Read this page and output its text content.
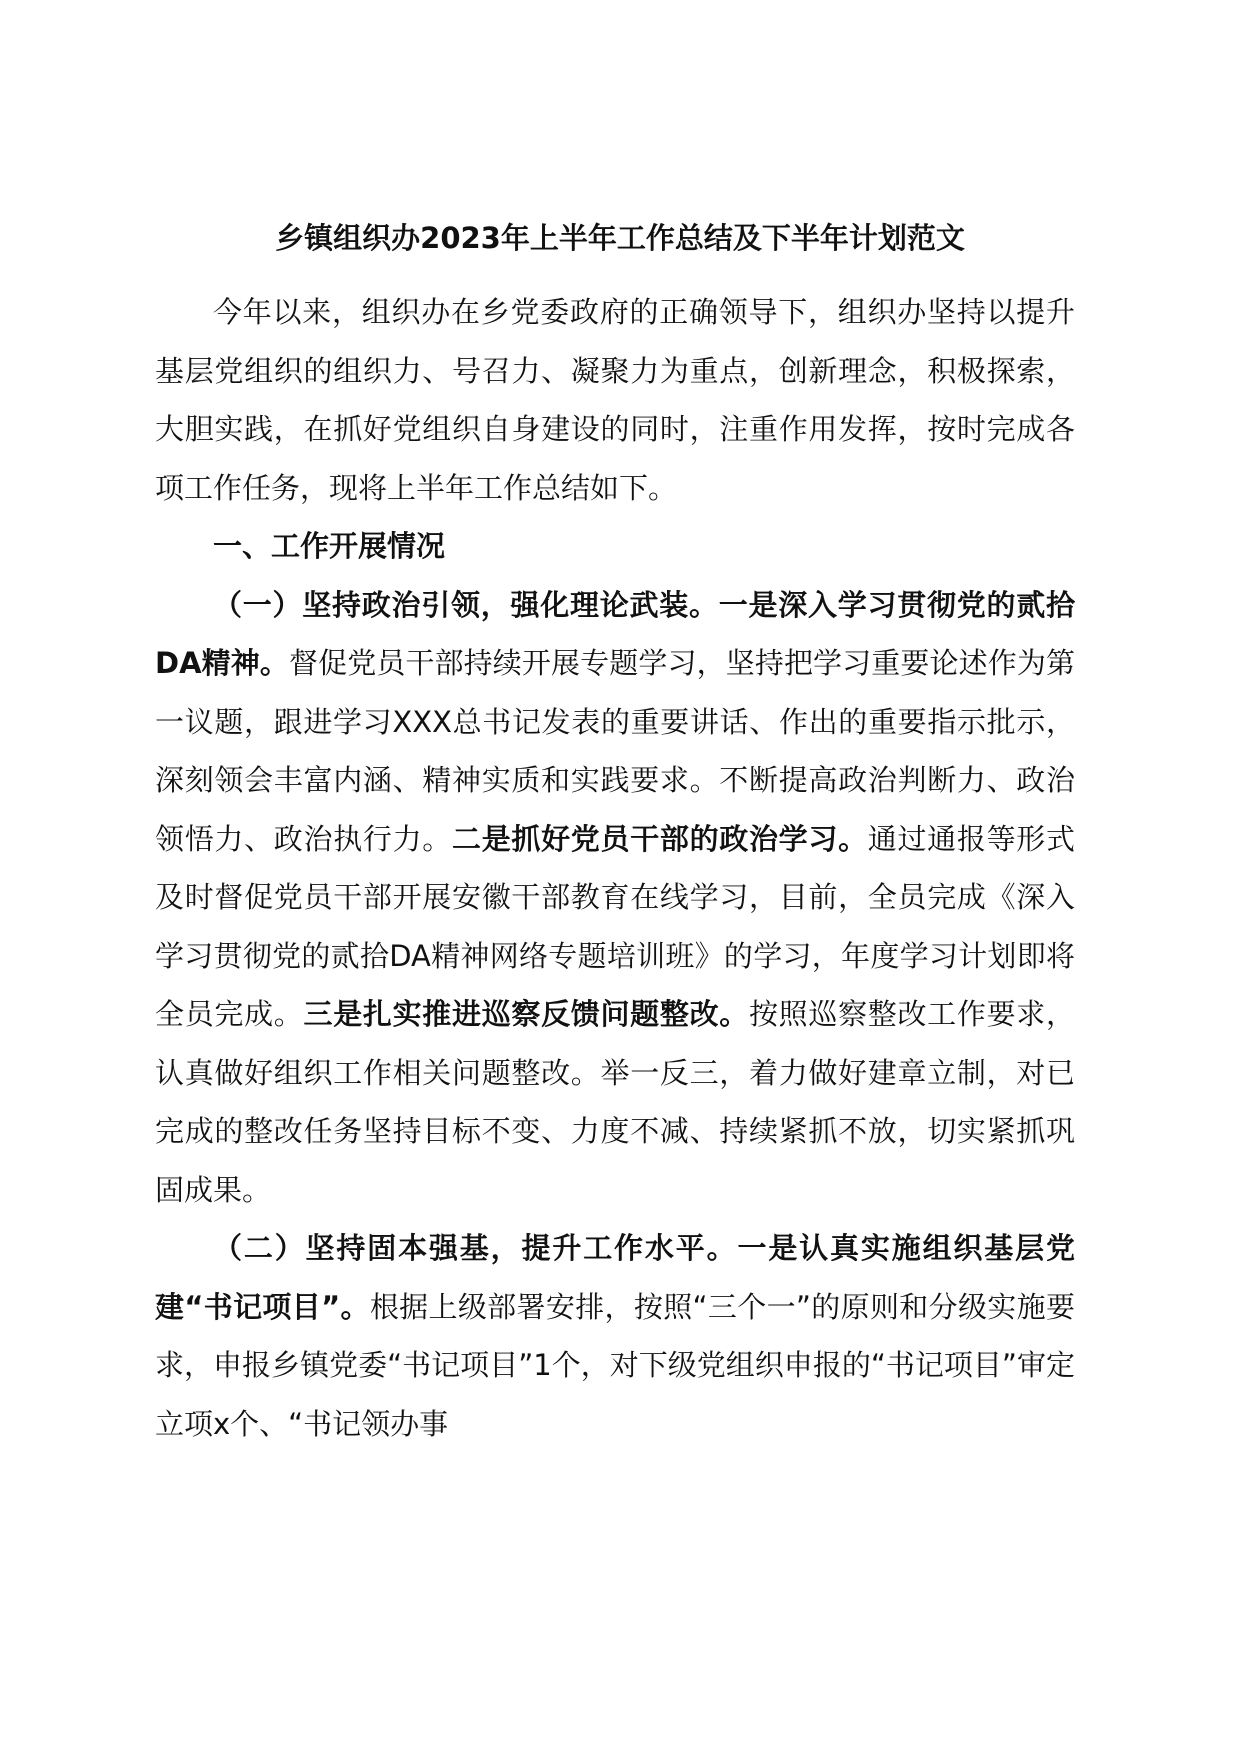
乡镇组织办2023年上半年工作总结及下半年计划范文

今年以来，组织办在乡党委政府的正确领导下，组织办坚持以提升基层党组织的组织力、号召力、凝聚力为重点，创新理念，积极探索，大胆实践，在抓好党组织自身建设的同时，注重作用发挥，按时完成各项工作任务，现将上半年工作总结如下。

一、工作开展情况

（一）坚持政治引领，强化理论武装。一是深入学习贯彻党的贰拾DA精神。督促党员干部持续开展专题学习，坚持把学习重要论述作为第一议题，跟进学习XXX总书记发表的重要讲话、作出的重要指示批示，深刻领会丰富内涵、精神实质和实践要求。不断提高政治判断力、政治领悟力、政治执行力。二是抓好党员干部的政治学习。通过通报等形式及时督促党员干部开展安徽干部教育在线学习，目前，全员完成《深入学习贯彻党的贰拾DA精神网络专题培训班》的学习，年度学习计划即将全员完成。三是扎实推进巡察反馈问题整改。按照巡察整改工作要求，认真做好组织工作相关问题整改。举一反三，着力做好建章立制，对已完成的整改任务坚持目标不变、力度不减、持续紧抓不放，切实紧抓巩固成果。

（二）坚持固本强基，提升工作水平。一是认真实施组织基层党建“书记项目”。根据上级部署安排，按照“三个一”的原则和分级实施要求，申报乡镇党委“书记项目”1个，对下级党组织申报的“书记项目”审定立项x个、“书记领办事
